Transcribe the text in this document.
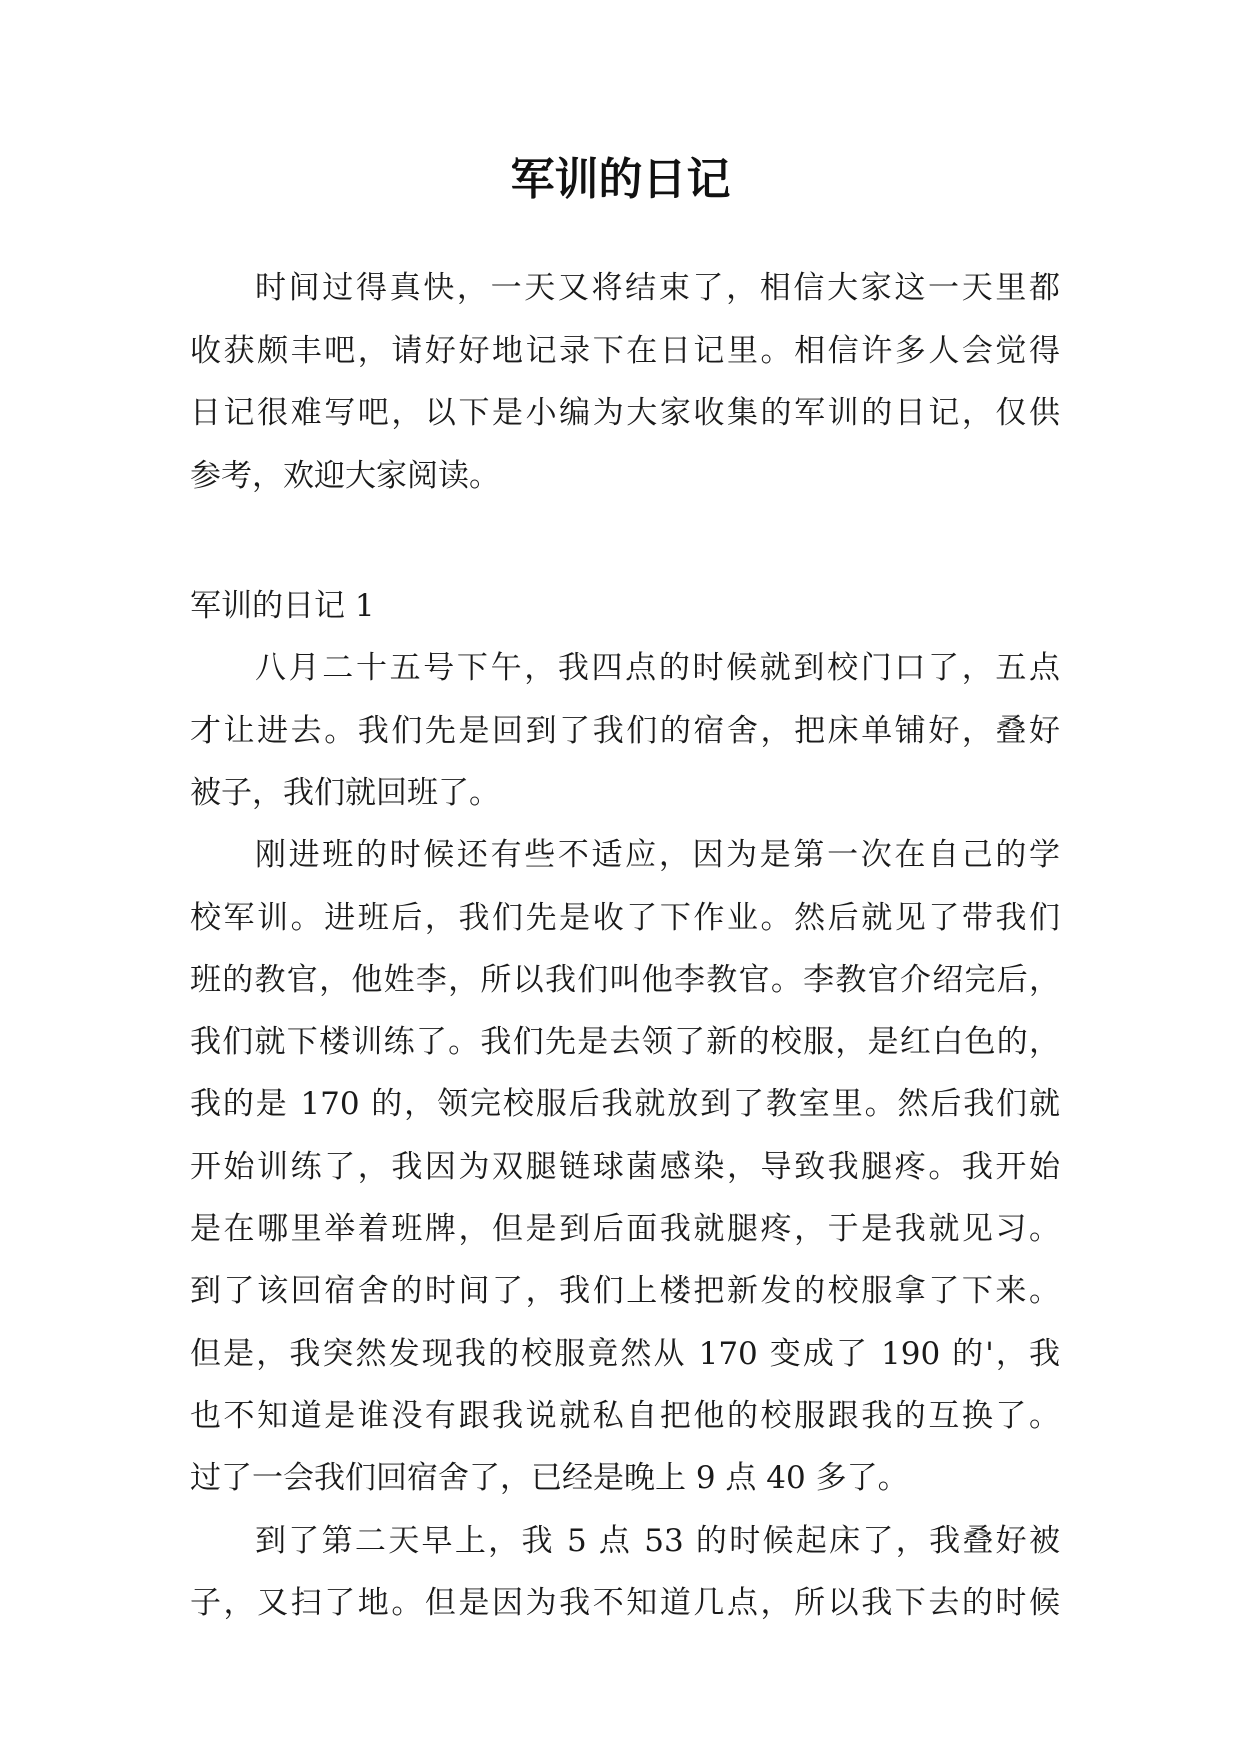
军训的日记
时间过得真快，一天又将结束了，相信大家这一天里都
收获颇丰吧，请好好地记录下在日记里。相信许多人会觉得
日记很难写吧，以下是小编为大家收集的军训的日记，仅供
参考，欢迎大家阅读。
军训的日记 1
八月二十五号下午，我四点的时候就到校门口了，五点
才让进去。我们先是回到了我们的宿舍，把床单铺好，叠好
被子，我们就回班了。
刚进班的时候还有些不适应，因为是第一次在自己的学
校军训。进班后，我们先是收了下作业。然后就见了带我们
班的教官，他姓李，所以我们叫他李教官。李教官介绍完后，
我们就下楼训练了。我们先是去领了新的校服，是红白色的，
我的是 170 的，领完校服后我就放到了教室里。然后我们就
开始训练了，我因为双腿链球菌感染，导致我腿疼。我开始
是在哪里举着班牌，但是到后面我就腿疼，于是我就见习。
到了该回宿舍的时间了，我们上楼把新发的校服拿了下来。
但是，我突然发现我的校服竟然从 170 变成了 190 的'，我
也不知道是谁没有跟我说就私自把他的校服跟我的互换了。
过了一会我们回宿舍了，已经是晚上 9 点 40 多了。
到了第二天早上，我 5 点 53 的时候起床了，我叠好被
子，又扫了地。但是因为我不知道几点，所以我下去的时候
